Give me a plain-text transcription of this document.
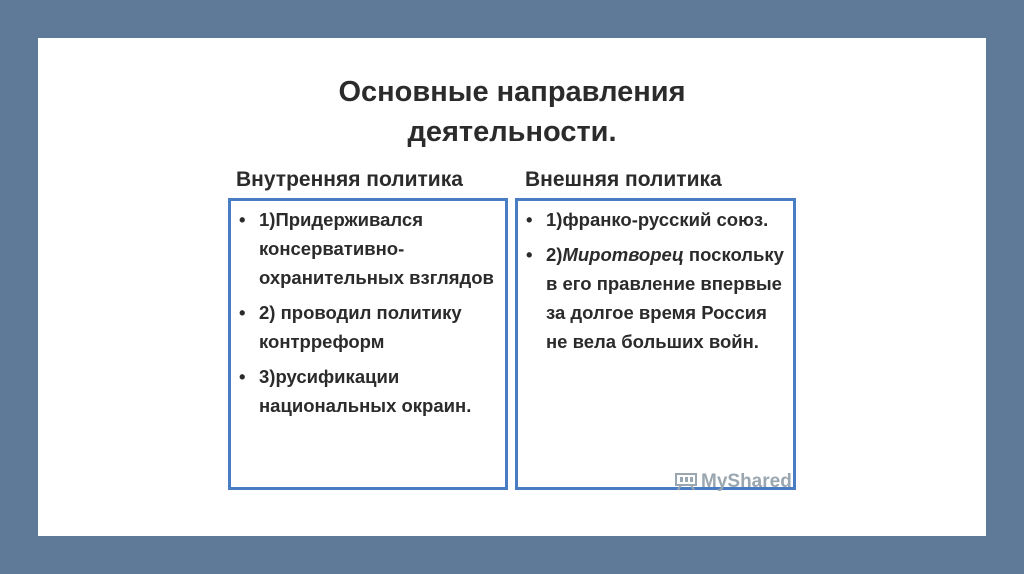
Основные направления
деятельности.
Внутренняя политика	Внешняя политика
• 1)Придерживался консервативно-охранительных взглядов
• 2) проводил политику контрреформ
• 3)русификации национальных окраин.
• 1)франко-русский союз.
• 2)Миротворец поскольку в его правление впервые за долгое время Россия не вела больших войн.
MyShared
